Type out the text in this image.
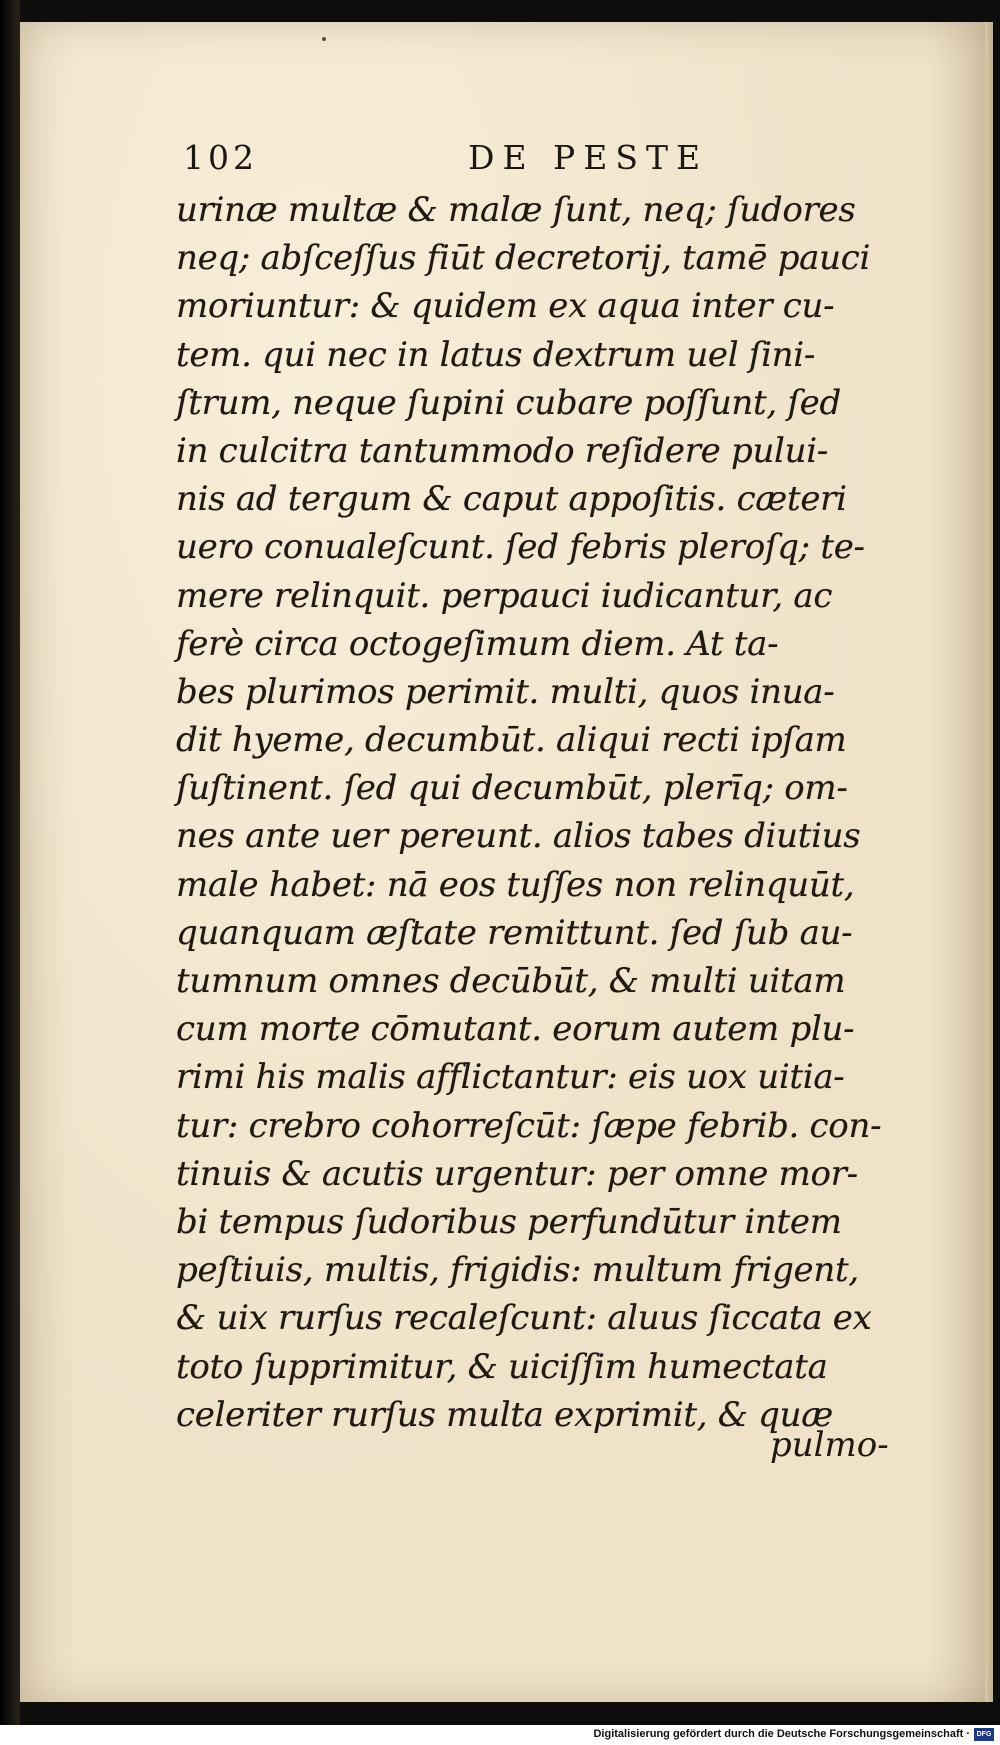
102	DE PESTE
urinæ multæ & malæ ſunt, neq; ſudores
neq; abſceſſus fiūt decretorij, tamē pauci
moriuntur: & quidem ex aqua inter cu-
tem. qui nec in latus dextrum uel ſini-
ſtrum, neque ſupini cubare poſſunt, ſed
in culcitra tantummodo reſidere pului-
nis ad tergum & caput appoſitis. cæteri
uero conualeſcunt. ſed febris pleroſq; te-
mere relinquit. perpauci iudicantur, ac
ferè circa octogeſimum diem. At ta-
bes plurimos perimit. multi, quos inua-
dit hyeme, decumbūt. aliqui recti ipſam
ſuſtinent. ſed qui decumbūt, plerīq; om-
nes ante uer pereunt. alios tabes diutius
male habet: nā eos tuſſes non relinquūt,
quanquam æſtate remittunt. ſed ſub au-
tumnum omnes decūbūt, & multi uitam
cum morte cōmutant. eorum autem plu-
rimi his malis afflictantur: eis uox uitia-
tur: crebro cohorreſcūt: ſæpe febrib. con-
tinuis & acutis urgentur: per omne mor-
bi tempus ſudoribus perfundūtur intem
peſtiuis, multis, frigidis: multum frigent,
& uix rurſus recaleſcunt: aluus ſiccata ex
toto ſupprimitur, & uiciſſim humectata
celeriter rurſus multa exprimit, & quæ
pulmo-
Digitalisierung gefördert durch die Deutsche Forschungsgemeinschaft · DFG
